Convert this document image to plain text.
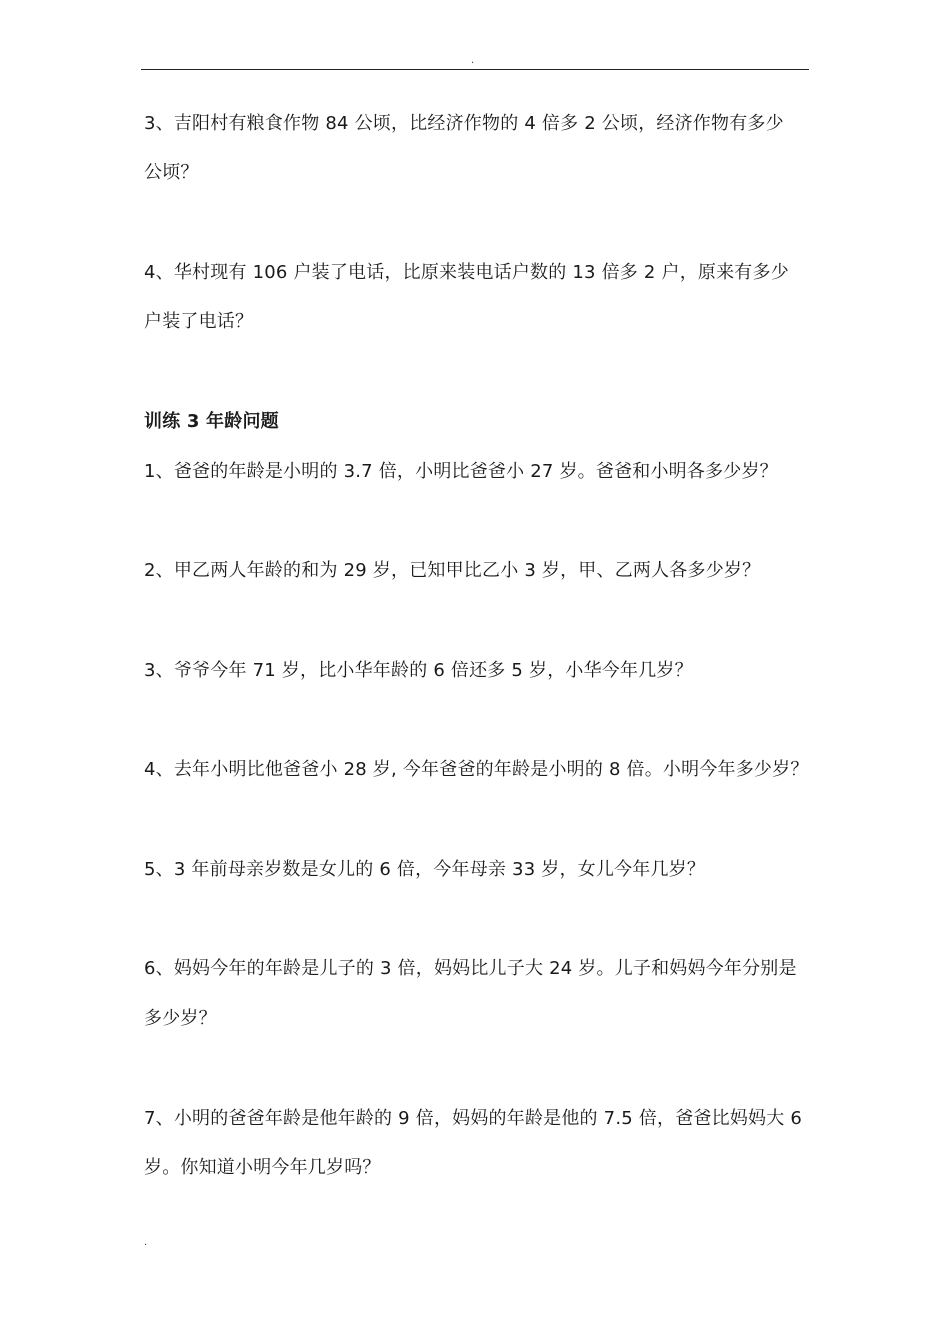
.
3、吉阳村有粮食作物 84 公顷，比经济作物的 4 倍多 2 公顷，经济作物有多少
公顷？
4、华村现有 106 户装了电话，比原来装电话户数的 13 倍多 2 户，原来有多少
户装了电话？
训练 3 年龄问题
1、爸爸的年龄是小明的 3.7 倍，小明比爸爸小 27 岁。爸爸和小明各多少岁？
2、甲乙两人年龄的和为 29 岁，已知甲比乙小 3 岁，甲、乙两人各多少岁？
3、爷爷今年 71 岁，比小华年龄的 6 倍还多 5 岁，小华今年几岁？
4、去年小明比他爸爸小 28 岁, 今年爸爸的年龄是小明的 8 倍。小明今年多少岁？
5、3 年前母亲岁数是女儿的 6 倍，今年母亲 33 岁，女儿今年几岁？
6、妈妈今年的年龄是儿子的 3 倍，妈妈比儿子大 24 岁。儿子和妈妈今年分别是
多少岁？
7、小明的爸爸年龄是他年龄的 9 倍，妈妈的年龄是他的 7.5 倍，爸爸比妈妈大 6
岁。你知道小明今年几岁吗？
.
